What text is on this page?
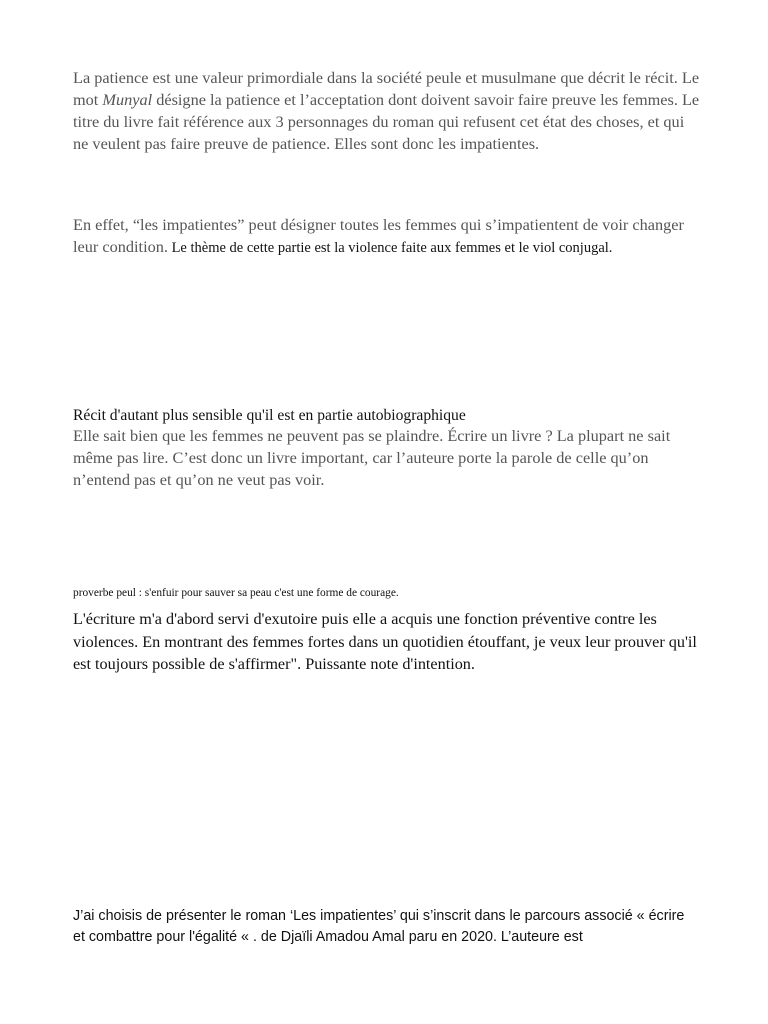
La patience est une valeur primordiale dans la société peule et musulmane que décrit le récit. Le mot Munyal désigne la patience et l’acceptation dont doivent savoir faire preuve les femmes. Le titre du livre fait référence aux 3 personnages du roman qui refusent cet état des choses, et qui ne veulent pas faire preuve de patience. Elles sont donc les impatientes.

En effet, “les impatientes” peut désigner toutes les femmes qui s’impatientent de voir changer leur condition. Le thème de cette partie est la violence faite aux femmes et le viol conjugal.

Récit d'autant plus sensible qu'il est en partie autobiographique

Elle sait bien que les femmes ne peuvent pas se plaindre. Écrire un livre ? La plupart ne sait même pas lire. C’est donc un livre important, car l’auteure porte la parole de celle qu’on n’entend pas et qu’on ne veut pas voir.

proverbe peul : s'enfuir pour sauver sa peau c'est une forme de courage.

L'écriture m'a d'abord servi d'exutoire puis elle a acquis une fonction préventive contre les violences. En montrant des femmes fortes dans un quotidien étouffant, je veux leur prouver qu'il est toujours possible de s'affirmer". Puissante note d'intention.

J’ai choisis de présenter le roman ‘Les impatientes’ qui s’inscrit dans le parcours associé « écrire et combattre pour l'égalité « . de Djaïli Amadou Amal paru en 2020. L’auteure est
